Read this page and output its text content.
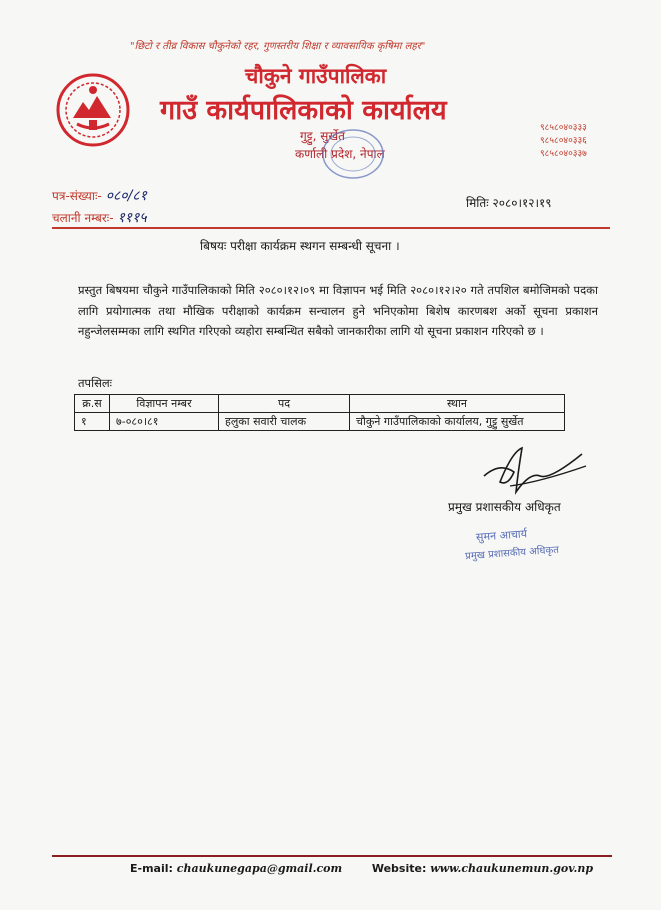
"छिटो र तीव्र विकास चौकुनेको रहर, गुणस्तरीय शिक्षा र व्यावसायिक कृषिमा लहर"
चौकुने गाउँपालिका
गाउँ कार्यपालिकाको कार्यालय
गुट्टु, सुर्खेत
कर्णाली प्रदेश, नेपाल
९८५८०४०३३३
९८५८०४०३३६
९८५८०४०३३७
पत्र-संख्याः- ०८०/८१
चलानी नम्बरः- १११५
मितिः २०८०।१२।१९
बिषयः परीक्षा कार्यक्रम स्थगन सम्बन्धी सूचना ।
प्रस्तुत बिषयमा चौकुने गाउँपालिकाको मिति २०८०।१२।०९ मा विज्ञापन भई मिति २०८०।१२।२० गते तपशिल बमोजिमको पदका लागि प्रयोगात्मक तथा मौखिक परीक्षाको कार्यक्रम सन्चालन हुने भनिएकोमा बिशेष कारणबश अर्को सूचना प्रकाशन नहुन्जेलसम्मका लागि स्थगित गरिएको व्यहोरा सम्बन्धित सबैको जानकारीका लागि यो सूचना प्रकाशन गरिएको छ ।
तपसिलः
क्र.स	विज्ञापन नम्बर	पद	स्थान
१	७-०८०।८१	हलुका सवारी चालक	चौकुने गाउँपालिकाको कार्यालय, गुट्टु सुर्खेत
प्रमुख प्रशासकीय अधिकृत
सुमन आचार्य
प्रमुख प्रशासकीय अधिकृत
E-mail: chaukunegapa@gmail.com	Website: www.chaukunemun.gov.np
